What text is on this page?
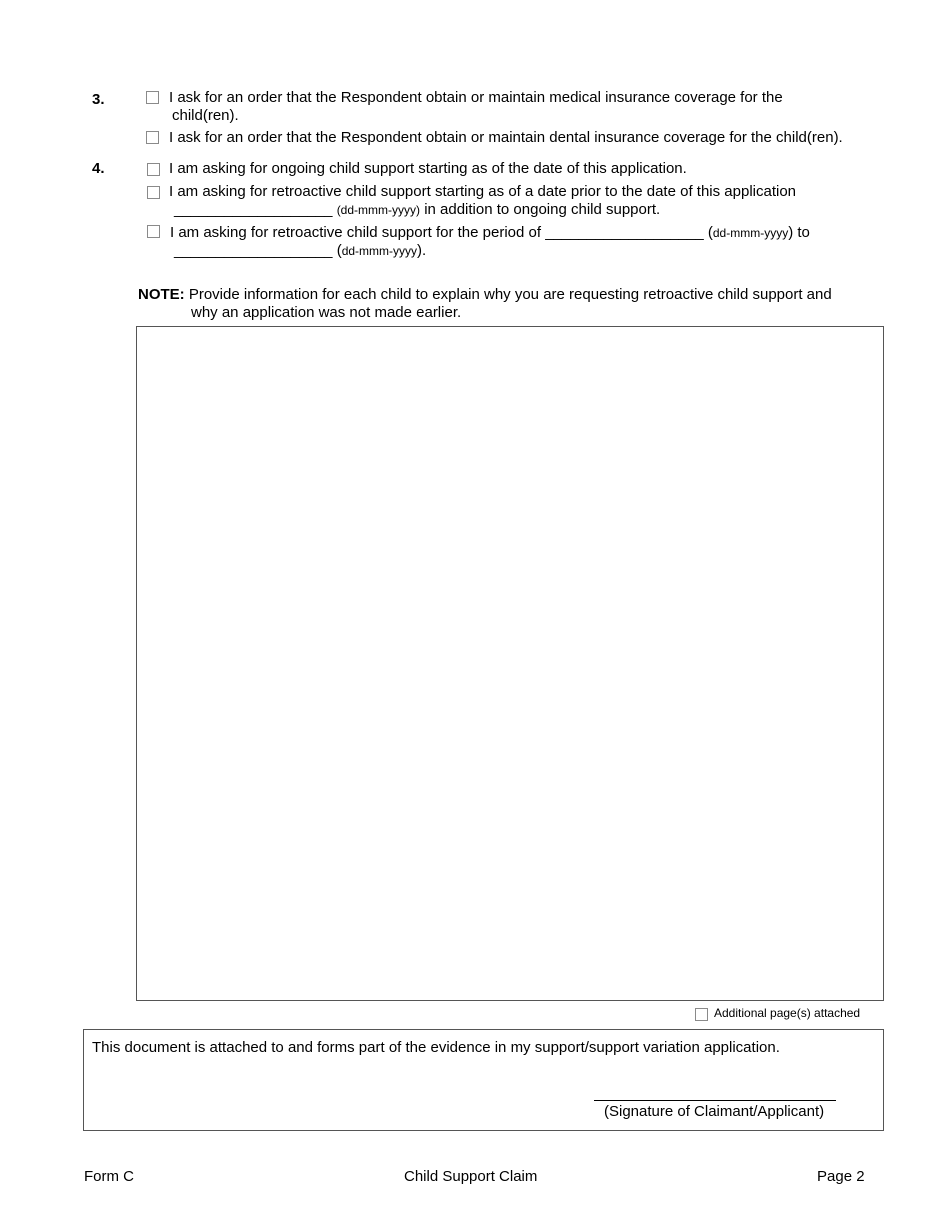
3.	I ask for an order that the Respondent obtain or maintain medical insurance coverage for the
child(ren).
I ask for an order that the Respondent obtain or maintain dental insurance coverage for the child(ren).
4.	I am asking for ongoing child support starting as of the date of this application.
I am asking for retroactive child support starting as of a date prior to the date of this application
___________________ (dd-mmm-yyyy) in addition to ongoing child support.
I am asking for retroactive child support for the period of ___________________ (dd-mmm-yyyy) to
___________________ (dd-mmm-yyyy).
NOTE: Provide information for each child to explain why you are requesting retroactive child support and
why an application was not made earlier.
Additional page(s) attached
This document is attached to and forms part of the evidence in my support/support variation application.
(Signature of Claimant/Applicant)
Form C	Child Support Claim	Page 2
